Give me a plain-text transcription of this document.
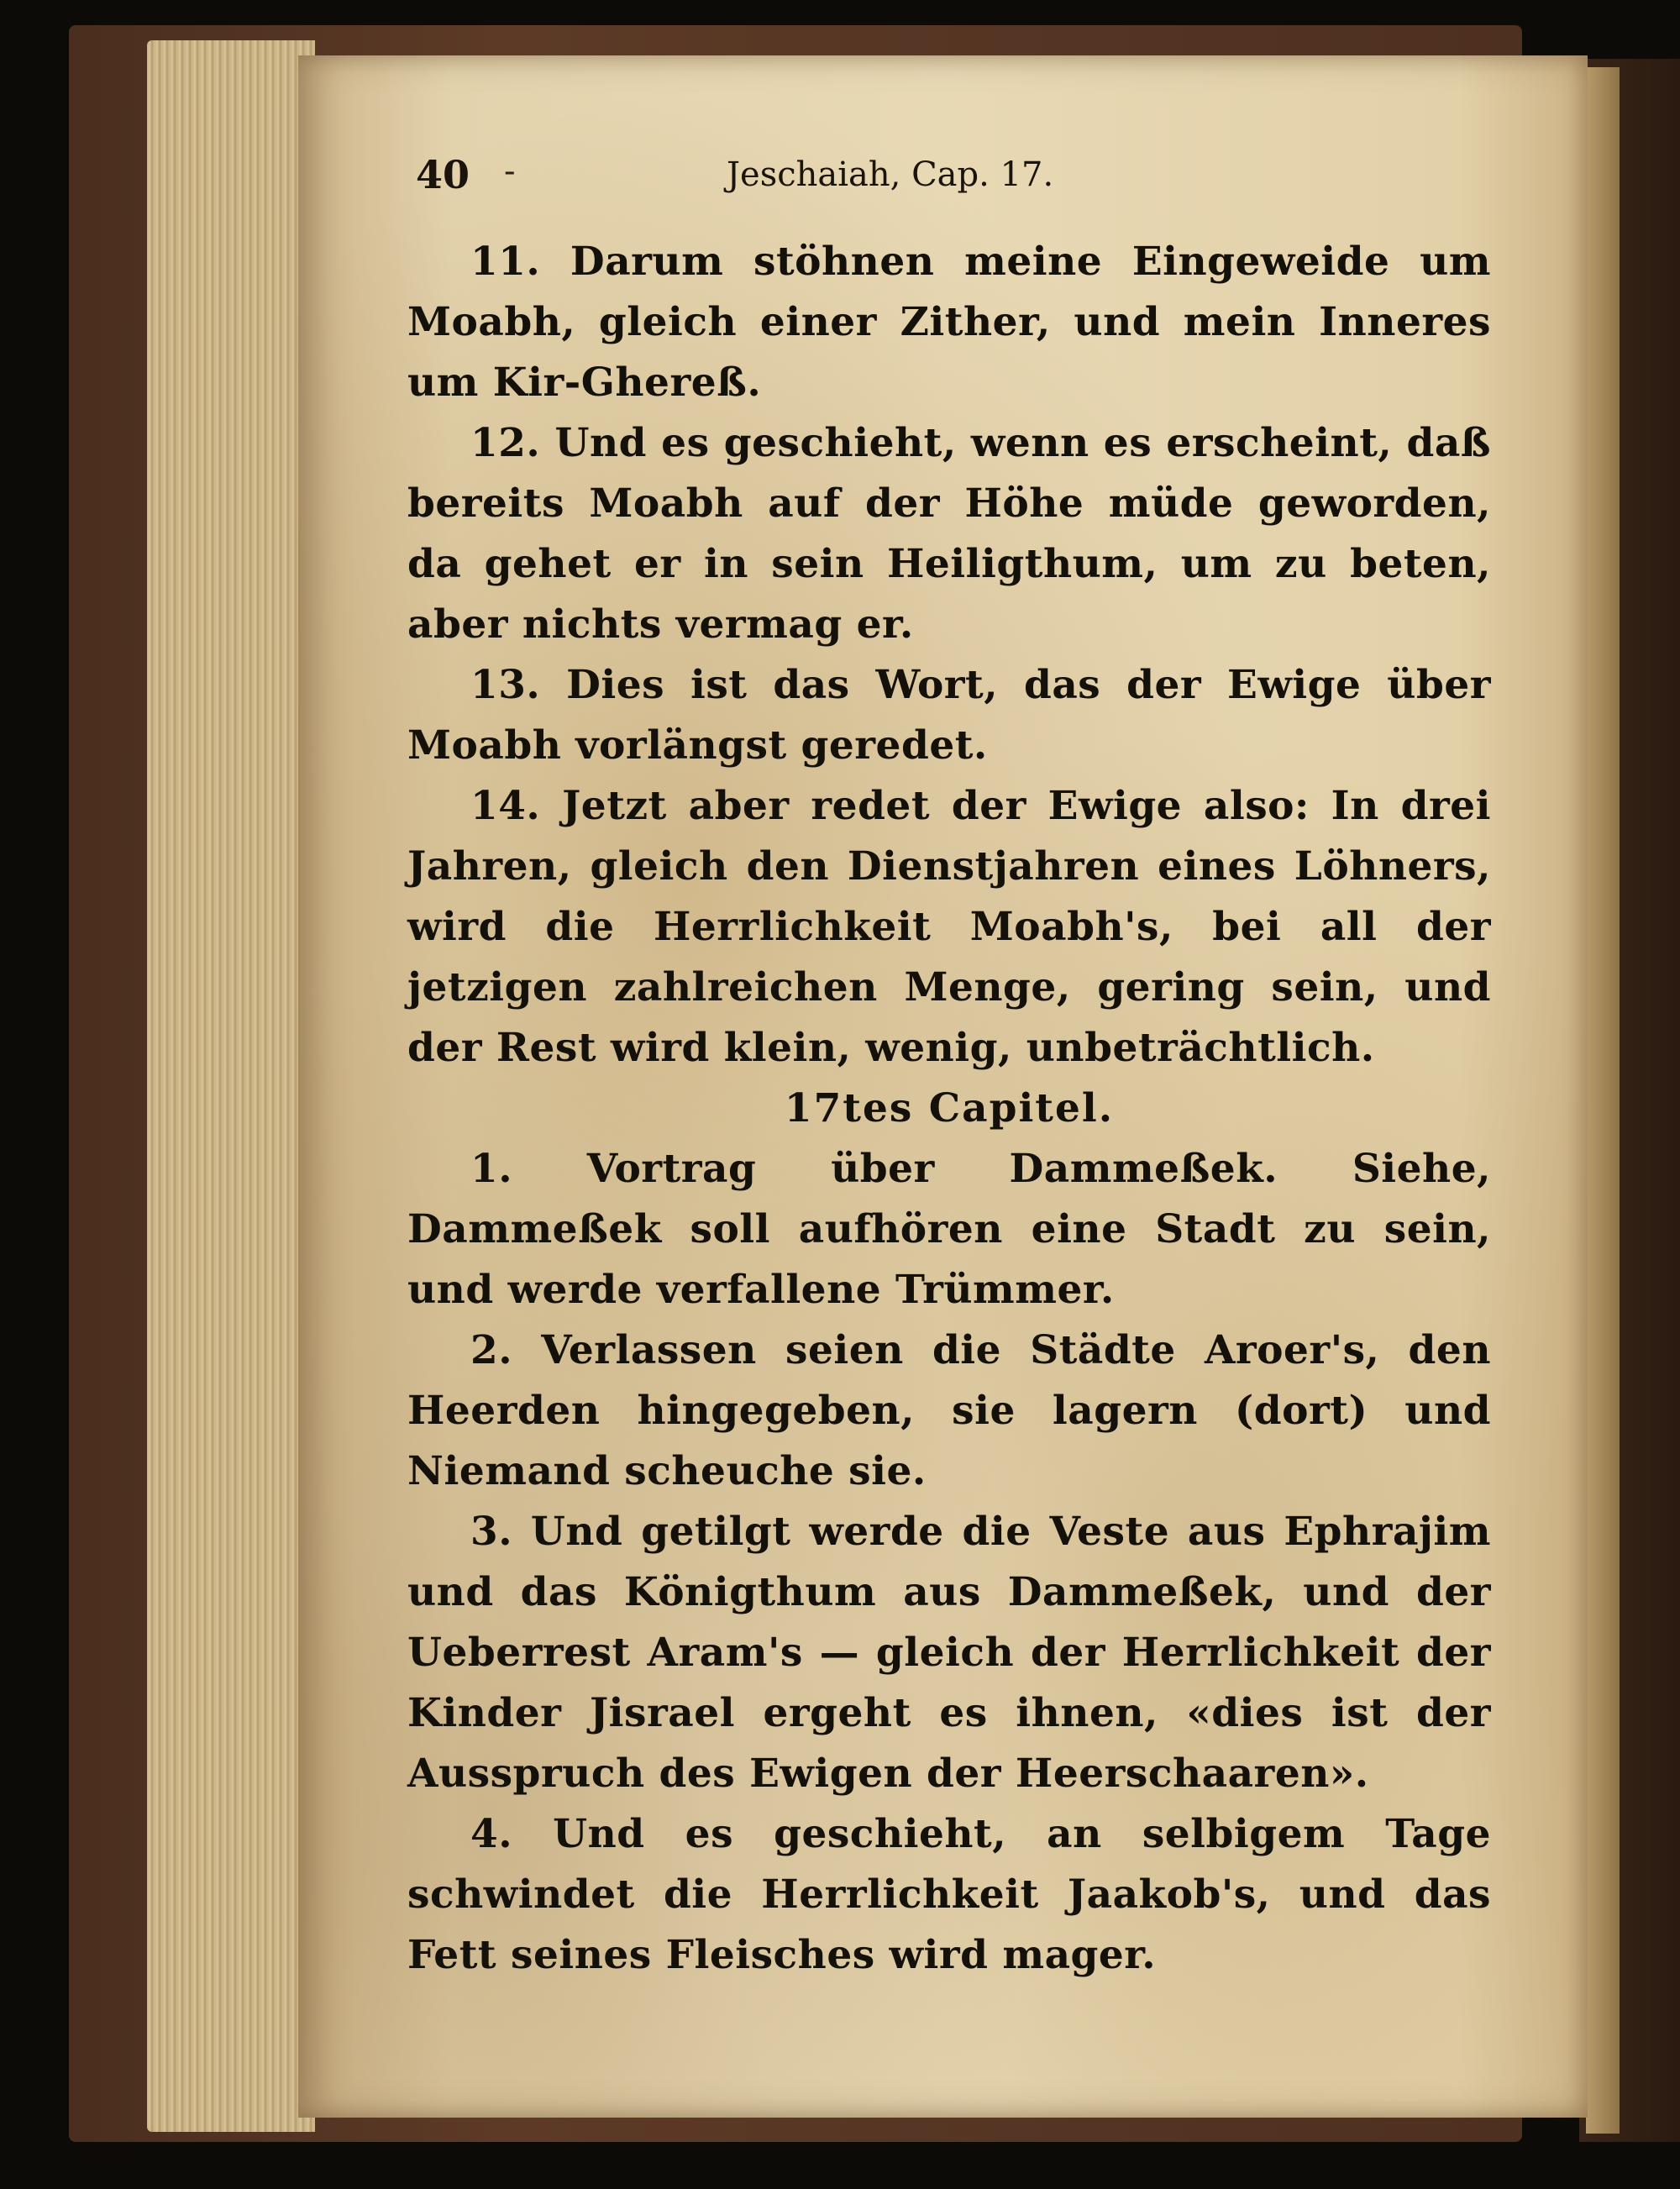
40 -	Jeschaiah, Cap. 17.

11. Darum stöhnen meine Eingeweide um Moabh, gleich einer Zither, und mein Inneres um Kir-Ghereß.

12. Und es geschieht, wenn es erscheint, daß bereits Moabh auf der Höhe müde geworden, da gehet er in sein Heiligthum, um zu beten, aber nichts vermag er.

13. Dies ist das Wort, das der Ewige über Moabh vorlängst geredet.

14. Jetzt aber redet der Ewige also: In drei Jahren, gleich den Dienstjahren eines Löhners, wird die Herrlichkeit Moabh's, bei all der jetzigen zahlreichen Menge, gering sein, und der Rest wird klein, wenig, unbeträchtlich.

17tes Capitel.

1. Vortrag über Dammeßek. Siehe, Dammeßek soll aufhören eine Stadt zu sein, und werde verfallene Trümmer.

2. Verlassen seien die Städte Aroer's, den Heerden hingegeben, sie lagern (dort) und Niemand scheuche sie.

3. Und getilgt werde die Veste aus Ephrajim und das Königthum aus Dammeßek, und der Ueberrest Aram's — gleich der Herrlichkeit der Kinder Jisrael ergeht es ihnen, «dies ist der Ausspruch des Ewigen der Heerschaaren».

4. Und es geschieht, an selbigem Tage schwindet die Herrlichkeit Jaakob's, und das Fett seines Fleisches wird mager.
